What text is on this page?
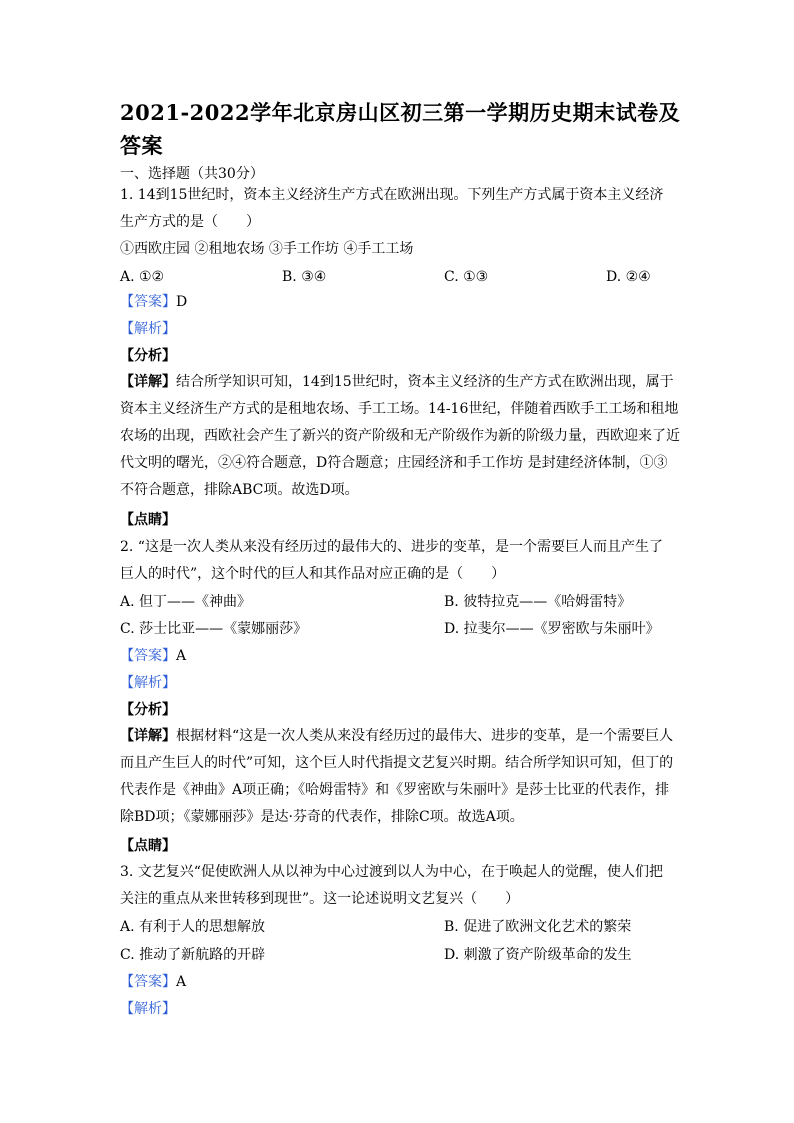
2021-2022学年北京房山区初三第一学期历史期末试卷及答案
一、选择题（共30分）
1. 14到15世纪时，资本主义经济生产方式在欧洲出现。下列生产方式属于资本主义经济
生产方式的是（　　）
①西欧庄园 ②租地农场 ③手工作坊 ④手工工场
A. ①②	B. ③④	C. ①③	D. ②④
【答案】D
【解析】
【分析】
【详解】结合所学知识可知，14到15世纪时，资本主义经济的生产方式在欧洲出现，属于资本主义经济生产方式的是租地农场、手工工场。14-16世纪，伴随着西欧手工工场和租地农场的出现，西欧社会产生了新兴的资产阶级和无产阶级作为新的阶级力量，西欧迎来了近代文明的曙光，②④符合题意，D符合题意；庄园经济和手工作坊 是封建经济体制，①③不符合题意，排除ABC项。故选D项。
【点睛】
2. “这是一次人类从来没有经历过的最伟大的、进步的变革，是一个需要巨人而且产生了
巨人的时代”，这个时代的巨人和其作品对应正确的是（　　）
A. 但丁——《神曲》	B. 彼特拉克——《哈姆雷特》
C. 莎士比亚——《蒙娜丽莎》	D. 拉斐尔——《罗密欧与朱丽叶》
【答案】A
【解析】
【分析】
【详解】根据材料“这是一次人类从来没有经历过的最伟大、进步的变革，是一个需要巨人而且产生巨人的时代”可知，这个巨人时代指提文艺复兴时期。结合所学知识可知，但丁的代表作是《神曲》A项正确；《哈姆雷特》和《罗密欧与朱丽叶》是莎士比亚的代表作，排除BD项；《蒙娜丽莎》是达·芬奇的代表作，排除C项。故选A项。
【点睛】
3. 文艺复兴“促使欧洲人从以神为中心过渡到以人为中心，在于唤起人的觉醒，使人们把
关注的重点从来世转移到现世”。这一论述说明文艺复兴（　　）
A. 有利于人的思想解放	B. 促进了欧洲文化艺术的繁荣
C. 推动了新航路的开辟	D. 刺激了资产阶级革命的发生
【答案】A
【解析】
